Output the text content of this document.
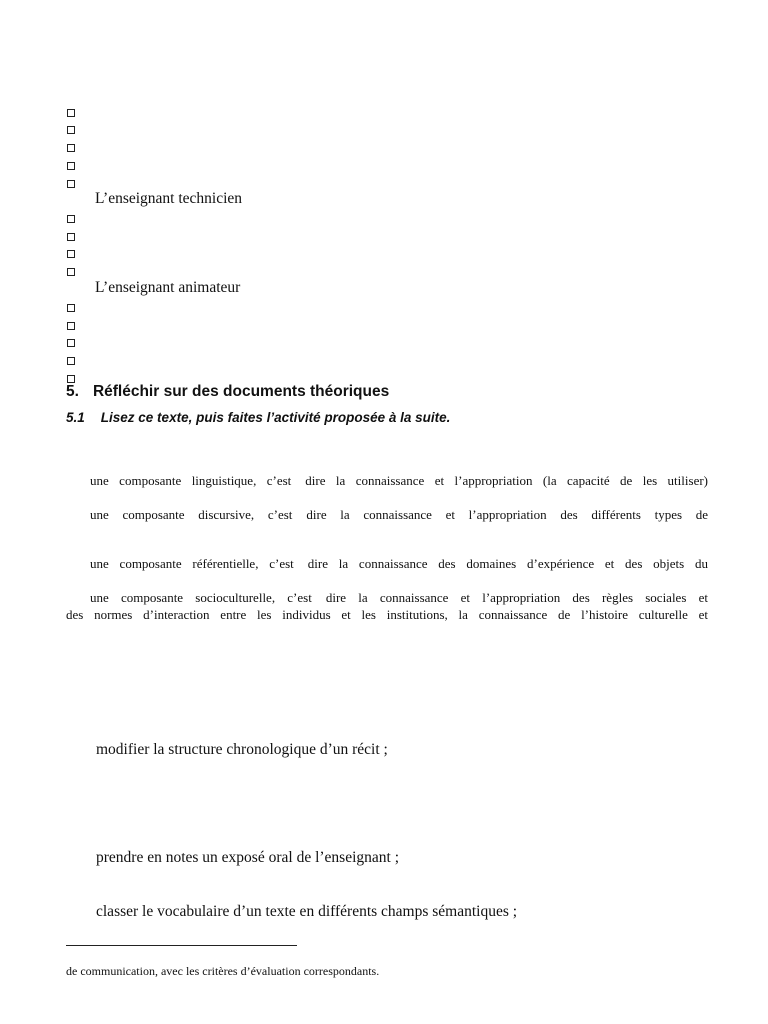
L’enseignant technicien
L’enseignant animateur
5. Réfléchir sur des documents théoriques
5.1 Lisez ce texte, puis faites l’activité proposée à la suite.
une composante linguistique, c’est dire la connaissance et l’appropriation (la capacité de les utiliser)
une composante discursive, c’est dire la connaissance et l’appropriation des différents types de
une composante référentielle, c’est dire la connaissance des domaines d’expérience et des objets du
une composante socioculturelle, c’est dire la connaissance et l’appropriation des règles sociales et
des normes d’interaction entre les individus et les institutions, la connaissance de l’histoire culturelle et
modifier la structure chronologique d’un récit ;
prendre en notes un exposé oral de l’enseignant ;
classer le vocabulaire d’un texte en différents champs sémantiques ;
de communication, avec les critères d’évaluation correspondants.
